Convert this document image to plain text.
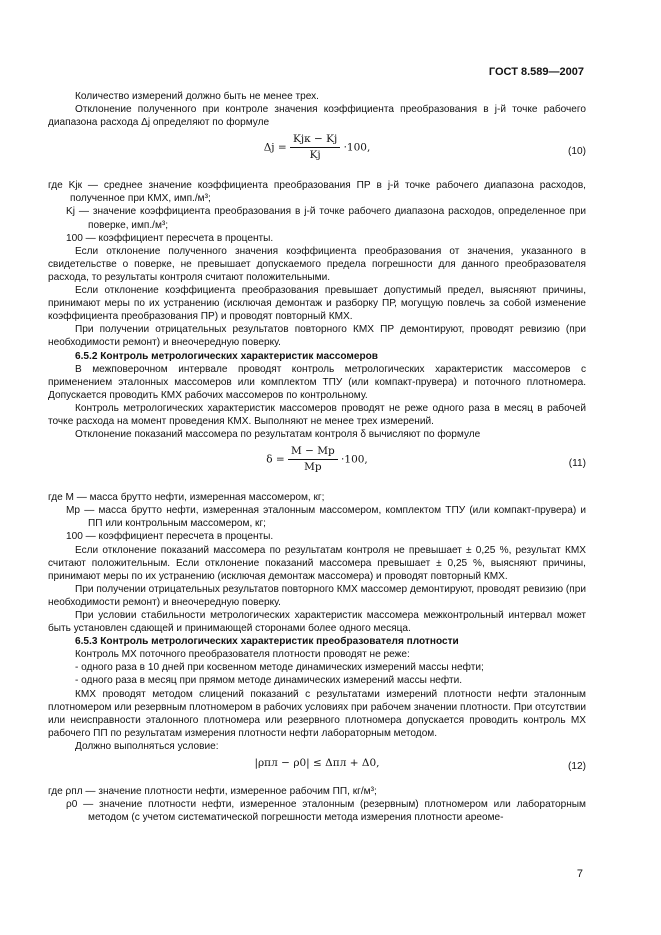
ГОСТ 8.589—2007

Количество измерений должно быть не менее трех.

Отклонение полученного при контроле значения коэффициента преобразования в j-й точке рабочего диапазона расхода Δj определяют по формуле

$\Delta j = \frac{\text{Kjк − Kj}}{Kj} \cdot 100$,	(10)

где Kjк — среднее значение коэффициента преобразования ПР в j-й точке рабочего диапазона расходов, полученное при КМХ, имп./м³;

Kj — значение коэффициента преобразования в j-й точке рабочего диапазона расходов, определенное при поверке, имп./м³;

100 — коэффициент пересчета в проценты.

Если отклонение полученного значения коэффициента преобразования от значения, указанного в свидетельстве о поверке, не превышает допускаемого предела погрешности для данного преобразователя расхода, то результаты контроля считают положительными.

Если отклонение коэффициента преобразования превышает допустимый предел, выясняют причины, принимают меры по их устранению (исключая демонтаж и разборку ПР, могущую повлечь за собой изменение коэффициента преобразования ПР) и проводят повторный КМХ.

При получении отрицательных результатов повторного КМХ ПР демонтируют, проводят ревизию (при необходимости ремонт) и внеочередную поверку.

6.5.2 Контроль метрологических характеристик массомеров

В межповерочном интервале проводят контроль метрологических характеристик массомеров с применением эталонных массомеров или комплектом ТПУ (или компакт-прувера) и поточного плотномера. Допускается проводить КМХ рабочих массомеров по контрольному.

Контроль метрологических характеристик массомеров проводят не реже одного раза в месяц в рабочей точке расхода на момент проведения КМХ. Выполняют не менее трех измерений.

Отклонение показаний массомера по результатам контроля δ вычисляют по формуле

$\delta = \frac{M - Mp}{Mp} \cdot 100$,	(11)

где M — масса брутто нефти, измеренная массомером, кг;

Mp — масса брутто нефти, измеренная эталонным массомером, комплектом ТПУ (или компакт-прувера) и ПП или контрольным массомером, кг;

100 — коэффициент пересчета в проценты.

Если отклонение показаний массомера по результатам контроля не превышает ± 0,25 %, результат КМХ считают положительным. Если отклонение показаний массомера превышает ± 0,25 %, выясняют причины, принимают меры по их устранению (исключая демонтаж массомера) и проводят повторный КМХ.

При получении отрицательных результатов повторного КМХ массомер демонтируют, проводят ревизию (при необходимости ремонт) и внеочередную поверку.

При условии стабильности метрологических характеристик массомера межконтрольный интервал может быть установлен сдающей и принимающей сторонами более одного месяца.

6.5.3 Контроль метрологических характеристик преобразователя плотности

Контроль МХ поточного преобразователя плотности проводят не реже:

- одного раза в 10 дней при косвенном методе динамических измерений массы нефти;

- одного раза в месяц при прямом методе динамических измерений массы нефти.

КМХ проводят методом слицений показаний с результатами измерений плотности нефти эталонным плотномером или резервным плотномером в рабочих условиях при рабочем значении плотности. При отсутствии или неисправности эталонного плотномера или резервного плотномера допускается проводить контроль МХ рабочего ПП по результатам измерения плотности нефти лабораторным методом.

Должно выполняться условие:

|ρпл − ρ0| ≤ Δпл + Δ0,	(12)

где ρпл — значение плотности нефти, измеренное рабочим ПП, кг/м³;

ρ0 — значение плотности нефти, измеренное эталонным (резервным) плотномером или лабораторным методом (с учетом систематической погрешности метода измерения плотности ареоме-

7
